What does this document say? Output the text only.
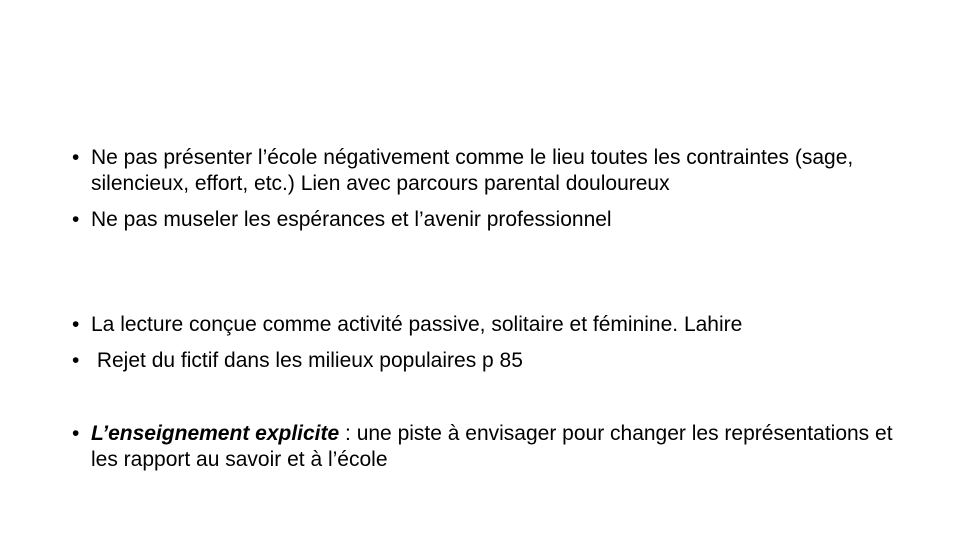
• Ne pas présenter l’école négativement comme le lieu toutes les contraintes (sage, silencieux, effort, etc.) Lien avec parcours parental douloureux

• Ne pas museler les espérances et l’avenir professionnel

• La lecture conçue comme activité passive, solitaire et féminine. Lahire

• Rejet du fictif dans les milieux populaires p 85

• L’enseignement explicite : une piste à envisager pour changer les représentations et les rapport au savoir et à l’école
